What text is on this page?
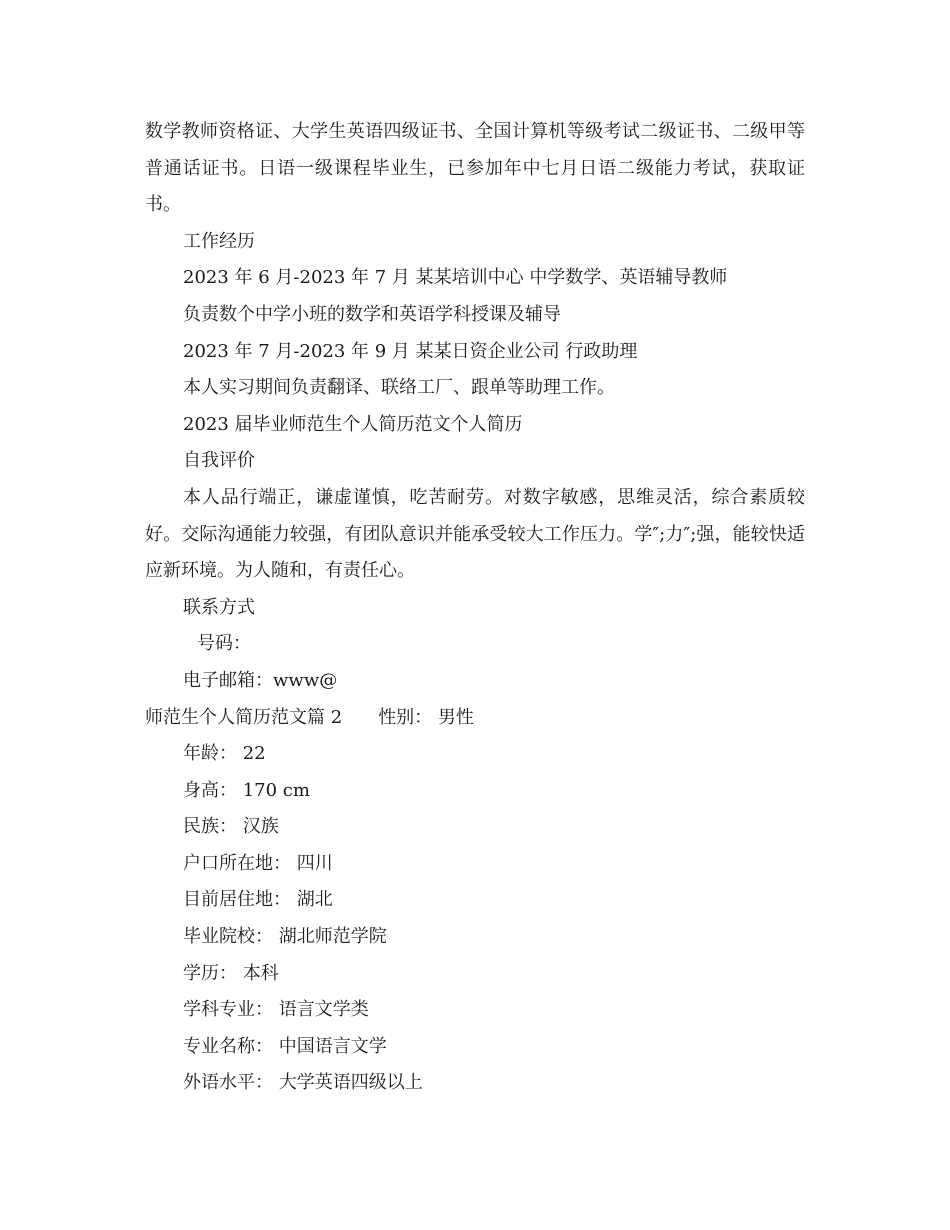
数学教师资格证、大学生英语四级证书、全国计算机等级考试二级证书、二级甲等普通话证书。日语一级课程毕业生，已参加年中七月日语二级能力考试，获取证书。

工作经历

2023 年 6 月-2023 年 7 月 某某培训中心 中学数学、英语辅导教师

负责数个中学小班的数学和英语学科授课及辅导

2023 年 7 月-2023 年 9 月 某某日资企业公司 行政助理

本人实习期间负责翻译、联络工厂、跟单等助理工作。

2023 届毕业师范生个人简历范文个人简历

自我评价

本人品行端正，谦虚谨慎，吃苦耐劳。对数字敏感，思维灵活，综合素质较好。交际沟通能力较强，有团队意识并能承受较大工作压力。学″;力″;强，能较快适应新环境。为人随和，有责任心。

联系方式

号码：

电子邮箱：www@

师范生个人简历范文篇 2 性别： 男性

年龄： 22

身高： 170 cm

民族： 汉族

户口所在地： 四川

目前居住地： 湖北

毕业院校： 湖北师范学院

学历： 本科

学科专业： 语言文学类

专业名称： 中国语言文学

外语水平： 大学英语四级以上
